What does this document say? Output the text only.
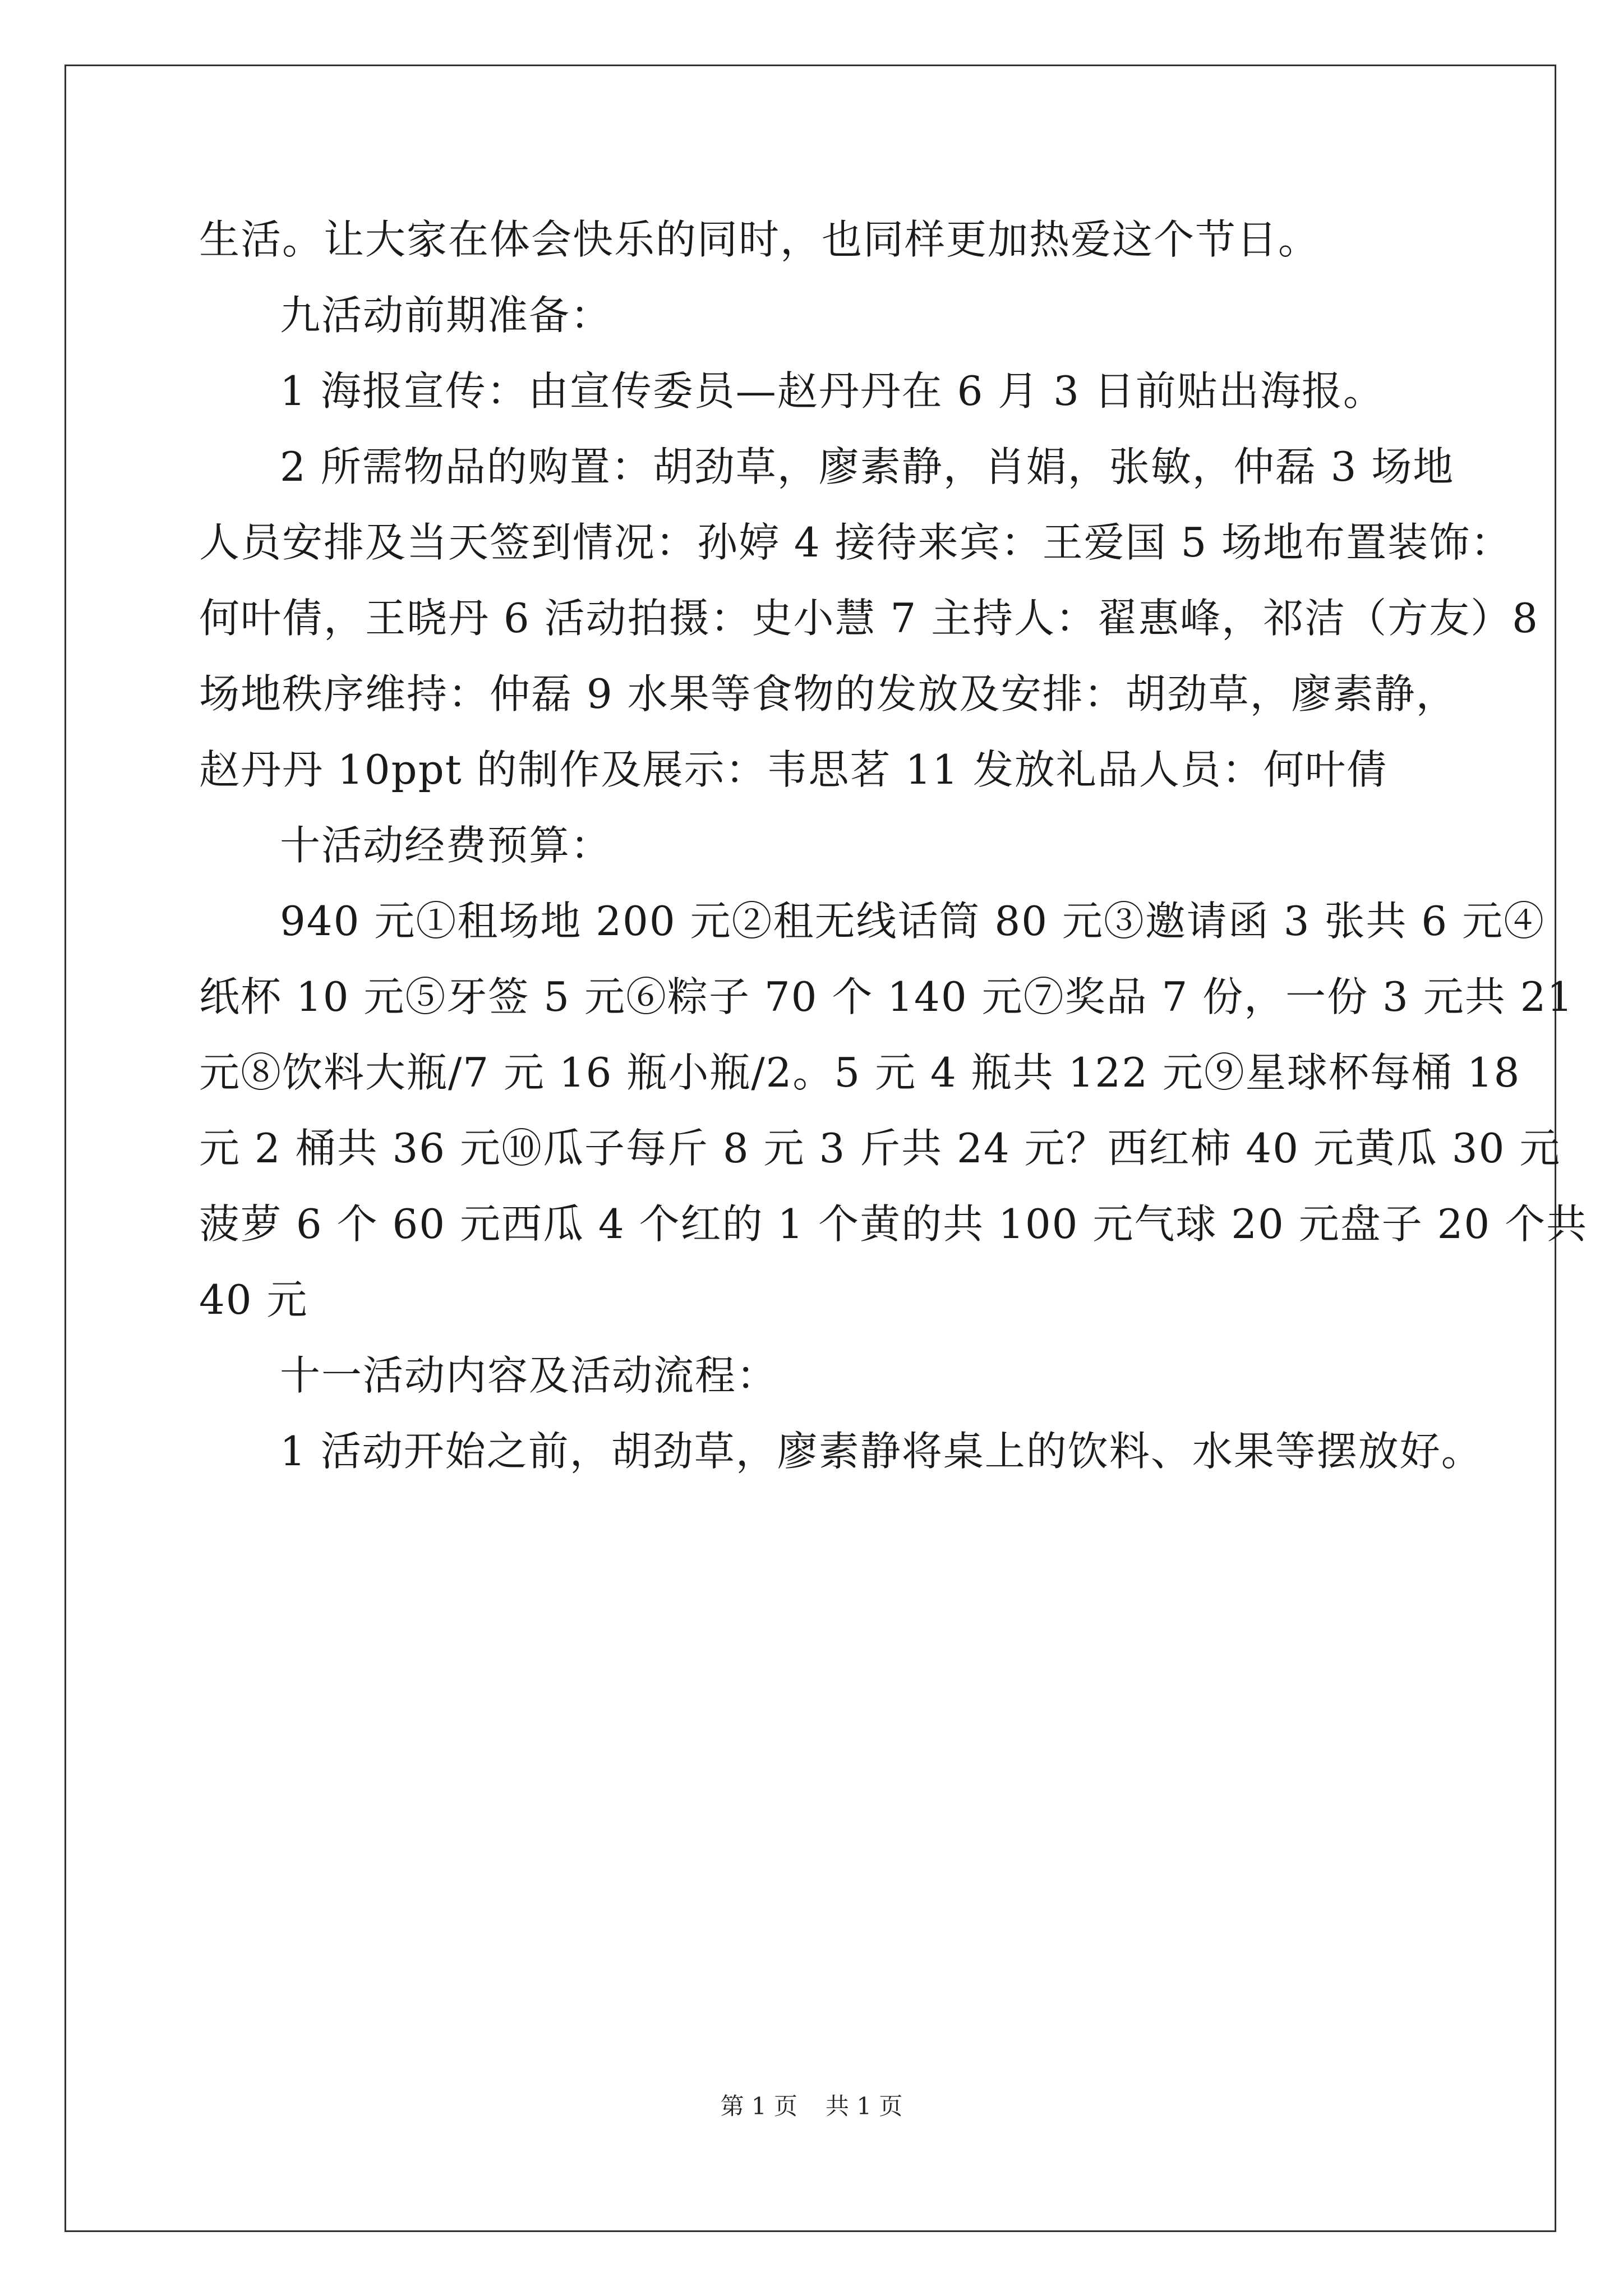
生活。让大家在体会快乐的同时，也同样更加热爱这个节日。

九活动前期准备：

1 海报宣传：由宣传委员—赵丹丹在 6 月 3 日前贴出海报。

2 所需物品的购置：胡劲草，廖素静，肖娟，张敏，仲磊 3 场地

人员安排及当天签到情况：孙婷 4 接待来宾：王爱国 5 场地布置装饰：

何叶倩，王晓丹 6 活动拍摄：史小慧 7 主持人：翟惠峰，祁洁（方友）8

场地秩序维持：仲磊 9 水果等食物的发放及安排：胡劲草，廖素静，

赵丹丹 10ppt 的制作及展示：韦思茗 11 发放礼品人员：何叶倩

十活动经费预算：

940 元①租场地 200 元②租无线话筒 80 元③邀请函 3 张共 6 元④

纸杯 10 元⑤牙签 5 元⑥粽子 70 个 140 元⑦奖品 7 份，一份 3 元共 21

元⑧饮料大瓶/7 元 16 瓶小瓶/2。5 元 4 瓶共 122 元⑨星球杯每桶 18

元 2 桶共 36 元⑩瓜子每斤 8 元 3 斤共 24 元？西红柿 40 元黄瓜 30 元

菠萝 6 个 60 元西瓜 4 个红的 1 个黄的共 100 元气球 20 元盘子 20 个共

40 元

十一活动内容及活动流程：

1 活动开始之前，胡劲草，廖素静将桌上的饮料、水果等摆放好。

第 1 页 共 1 页
